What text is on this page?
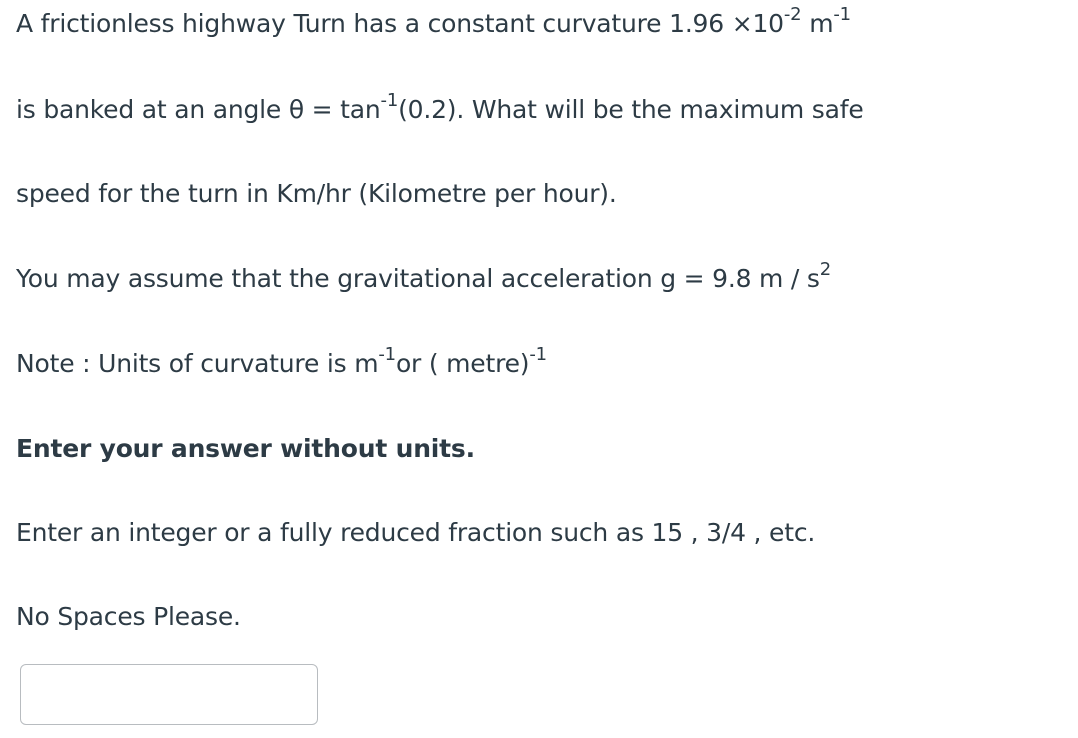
A frictionless highway Turn has a constant curvature $1.96 \times 10^{-2}$ $m^{-1}$
is banked at an angle $\theta = \tan^{-1}(0.2)$. What will be the maximum safe
speed for the turn in Km/hr (Kilometre per hour).
You may assume that the gravitational acceleration g = 9.8 m / $s^2$
Note : Units of curvature is $m^{-1}or$ ( metre)$^{-1}$
Enter your answer without units.
Enter an integer or a fully reduced fraction such as 15 , 3/4 , etc.
No Spaces Please.
